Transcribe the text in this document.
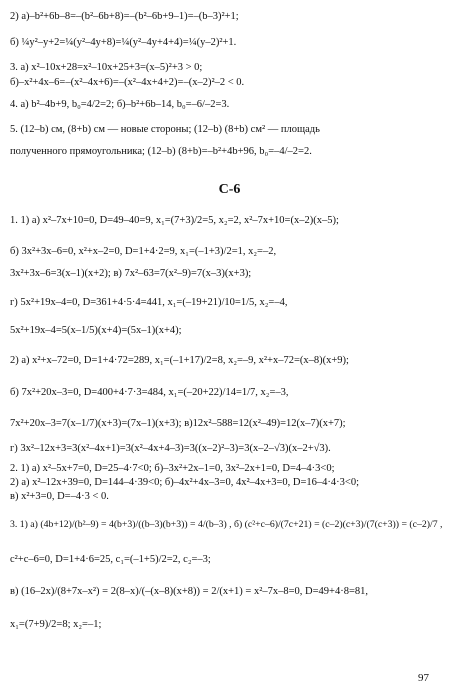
2) а)–b²+6b–8=–(b²–6b+8)=–(b²–6b+9–1)=–(b–3)²+1;
б) ¼y²–y+2=¼(y²–4y+8)=¼(y²–4y+4+4)=¼(y–2)²+1.
3. а) x²–10x+28=x²–10x+25+3=(x–5)²+3 > 0;
б)–x²+4x–6=–(x²–4x+6)=–(x²–4x+4+2)=–(x–2)²–2 < 0.
4. а) b²–4b+9, b₀=4/2=2; б)–b²+6b–14, b₀=–6/–2=3.
5. (12–b) см, (8+b) см — новые стороны; (12–b) (8+b) см² — площадь
полученного прямоугольника; (12–b) (8+b)=–b²+4b+96, b₀=–4/–2=2.
С-6
1. 1) а) x²–7x+10=0, D=49–40=9, x₁=(7+3)/2=5, x₂=2, x²–7x+10=(x–2)(x–5);
б) 3x²+3x–6=0, x²+x–2=0, D=1+4·2=9, x₁=(–1+3)/2=1, x₂=–2,
3x²+3x–6=3(x–1)(x+2); в) 7x²–63=7(x²–9)=7(x–3)(x+3);
г) 5x²+19x–4=0, D=361+4·5·4=441, x₁=(–19+21)/10=1/5, x₂=–4,
5x²+19x–4=5(x–1/5)(x+4)=(5x–1)(x+4);
2) а) x²+x–72=0, D=1+4·72=289, x₁=(–1+17)/2=8, x₂=–9, x²+x–72=(x–8)(x+9);
б) 7x²+20x–3=0, D=400+4·7·3=484, x₁=(–20+22)/14=1/7, x₂=–3,
7x²+20x–3=7(x–1/7)(x+3)=(7x–1)(x+3); в)12x²–588=12(x²–49)=12(x–7)(x+7);
г) 3x²–12x+3=3(x²–4x+1)=3(x²–4x+4–3)=3((x–2)²–3)=3(x–2–√3)(x–2+√3).
2. 1) а) x²–5x+7=0, D=25–4·7<0; б)–3x²+2x–1=0, 3x²–2x+1=0, D=4–4·3<0;
2) а) x²–12x+39=0, D=144–4·39<0; б)–4x²+4x–3=0, 4x²–4x+3=0, D=16–4·4·3<0;
в) x²+3=0, D=–4·3 < 0.
3. 1) а) (4b+12)/(b²–9) = 4(b+3)/((b–3)(b+3)) = 4/(b–3) , б) (c²+c–6)/(7c+21) = (c–2)(c+3)/(7(c+3)) = (c–2)/7 ,
c²+c–6=0, D=1+4·6=25, c₁=(–1+5)/2=2, c₂=–3;
в) (16–2x)/(8+7x–x²) = 2(8–x)/(–(x–8)(x+8)) = 2/(x+1) = x²–7x–8=0, D=49+4·8=81,
x₁=(7+9)/2=8; x₂=–1;
97
